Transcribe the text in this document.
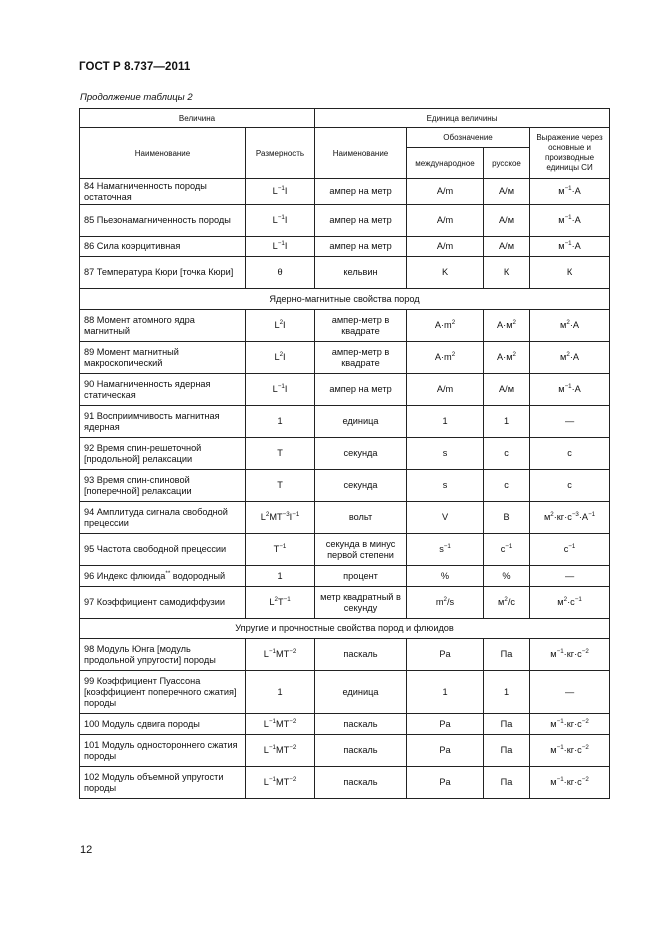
ГОСТ Р 8.737—2011
Продолжение таблицы 2
Величина		Единица величины			
Наименование	Размерность	Наименование	Обозначение		Выражение через основные и производные единицы СИ
			международное	русское	
84 Намагниченность породы остаточная	$L^{-1}I$	ампер на метр	A/m	А/м	$м^{-1}\cdot А$
85 Пьезонамагниченность породы	$L^{-1}I$	ампер на метр	A/m	А/м	$м^{-1}\cdot А$
86 Сила коэрцитивная	$L^{-1}I$	ампер на метр	A/m	А/м	$м^{-1}\cdot А$
87 Температура Кюри [точка Кюри]	θ	кельвин	K	К	К
Ядерно-магнитные свойства пород					
88 Момент атомного ядра магнитный	$L^2I$	ампер-метр в квадрате	$A\cdot m^2$	$А\cdot м^2$	$м^2\cdot А$
89 Момент магнитный макроскопический	$L^2I$	ампер-метр в квадрате	$A\cdot m^2$	$А\cdot м^2$	$м^2\cdot А$
90 Намагниченность ядерная статическая	$L^{-1}I$	ампер на метр	A/m	А/м	$м^{-1}\cdot А$
91 Восприимчивость магнитная ядерная	1	единица	1	1	—
92 Время спин-решеточной [продольной] релаксации	T	секунда	s	с	с
93 Время спин-спиновой [поперечной] релаксации	T	секунда	s	с	с
94 Амплитуда сигнала свободной прецессии	$L^2MT^{-3}I^{-1}$	вольт	V	В	$м^2\cdot кг\cdot с^{-3}\cdot А^{-1}$
95 Частота свободной прецессии	$T^{-1}$	секунда в минус первой степени	$s^{-1}$	$с^{-1}$	$с^{-1}$
96 Индекс флюида** водородный	1	процент	%	%	—
97 Коэффициент самодиффузии	$L^2T^{-1}$	метр квадратный в секунду	$m^2/s$	$м^2/с$	$м^2\cdot с^{-1}$
Упругие и прочностные свойства пород и флюидов					
98 Модуль Юнга [модуль продольной упругости] породы	$L^{-1}MT^{-2}$	паскаль	Pa	Па	$м^{-1}\cdot кг\cdot с^{-2}$
99 Коэффициент Пуассона [коэффициент поперечного сжатия] породы	1	единица	1	1	—
100 Модуль сдвига породы	$L^{-1}MT^{-2}$	паскаль	Pa	Па	$м^{-1}\cdot кг\cdot с^{-2}$
101 Модуль одностороннего сжатия породы	$L^{-1}MT^{-2}$	паскаль	Pa	Па	$м^{-1}\cdot кг\cdot с^{-2}$
102 Модуль объемной упругости породы	$L^{-1}MT^{-2}$	паскаль	Pa	Па	$м^{-1}\cdot кг\cdot с^{-2}$
12
